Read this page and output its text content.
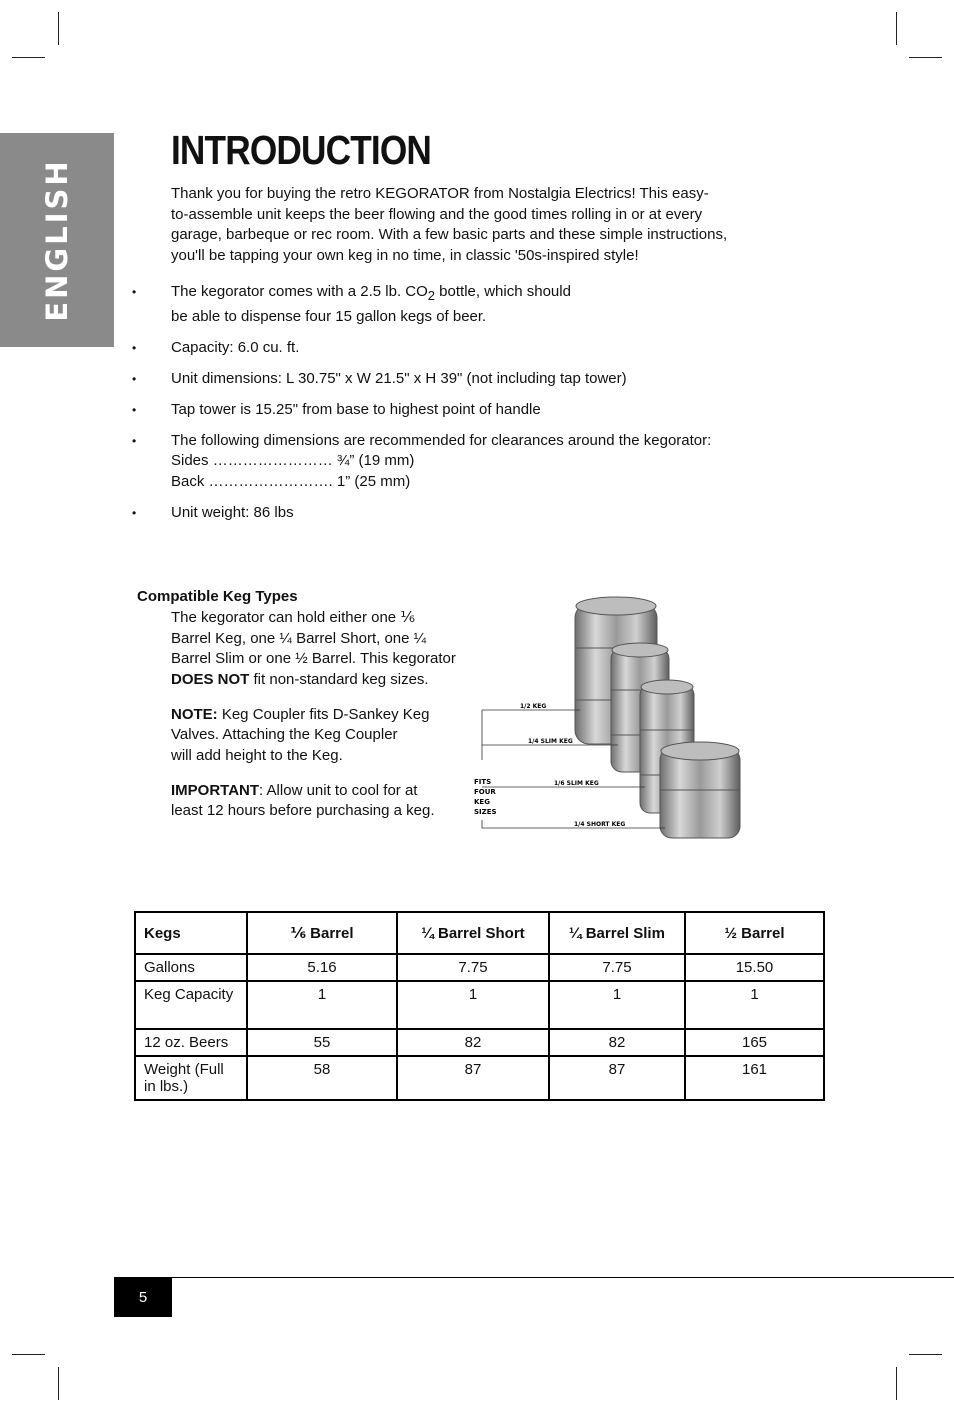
ENGLISH
INTRODUCTION

Thank you for buying the retro KEGORATOR from Nostalgia Electrics! This easy-
to-assemble unit keeps the beer flowing and the good times rolling in or at every
garage, barbeque or rec room. With a few basic parts and these simple instructions,
you'll be tapping your own keg in no time, in classic '50s-inspired style!

• The kegorator comes with a 2.5 lb. $CO_2$ bottle, which should
be able to dispense four 15 gallon kegs of beer.
• Capacity: 6.0 cu. ft.
• Unit dimensions: L 30.75" x W 21.5" x H 39" (not including tap tower)
• Tap tower is 15.25" from base to highest point of handle
• The following dimensions are recommended for clearances around the kegorator:
Sides …………………… ¾” (19 mm)
Back ……………………. 1” (25 mm)
• Unit weight: 86 lbs
Compatible Keg Types

The kegorator can hold either one ⅙
Barrel Keg, one ¼ Barrel Short, one ¼
Barrel Slim or one ½ Barrel. This kegorator
DOES NOT fit non-standard keg sizes.

NOTE: Keg Coupler fits D-Sankey Keg
Valves. Attaching the Keg Coupler
will add height to the Keg.

IMPORTANT: Allow unit to cool for at
least 12 hours before purchasing a keg.

1/2 KEG
1/4 SLIM KEG
1/6 SLIM KEG
1/4 SHORT KEG
FITS
FOUR
KEG
SIZES
Kegs	⅙ Barrel	¼ Barrel Short	¼ Barrel Slim	½ Barrel
Gallons	5.16	7.75	7.75	15.50
Keg Capacity	1	1	1	1
12 oz. Beers	55	82	82	165

Weight (Full
in lbs.)	58	87	87	161
5
